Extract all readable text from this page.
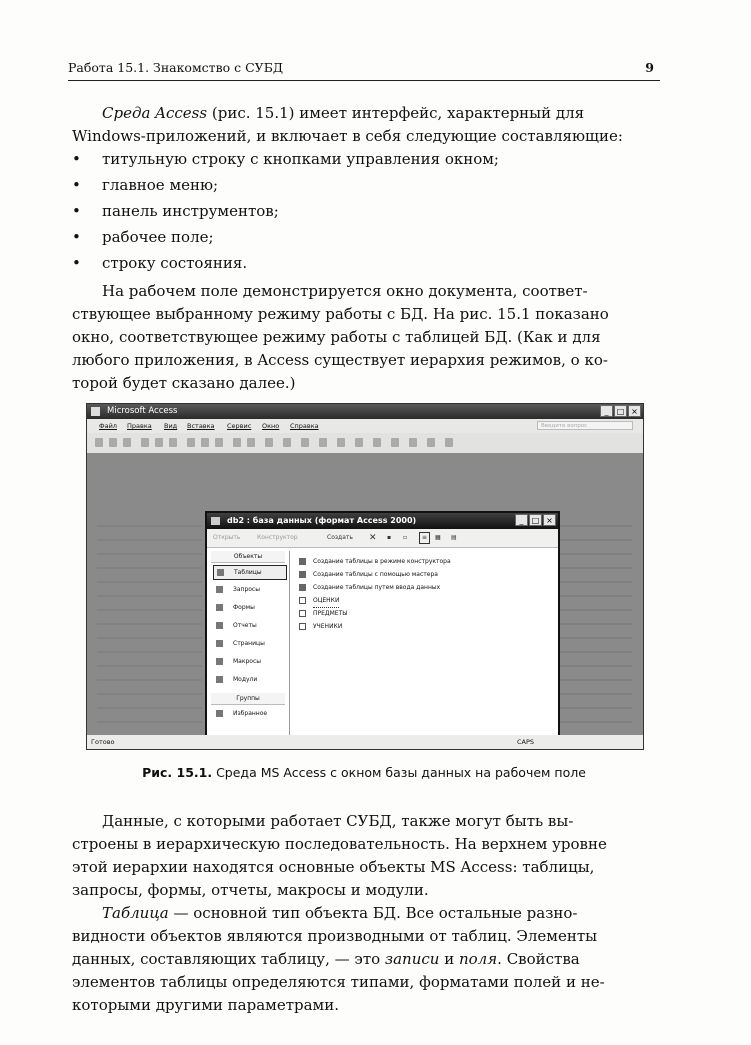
Работа 15.1. Знакомство с СУБД	9
Среда Access (рис. 15.1) имеет интерфейс, характерный для
Windows-приложений, и включает в себя следующие составляющие:
• титульную строку с кнопками управления окном;
• главное меню;
• панель инструментов;
• рабочее поле;
• строку состояния.
На рабочем поле демонстрируется окно документа, соответ-
ствующее выбранному режиму работы с БД. На рис. 15.1 показано
окно, соответствующее режиму работы с таблицей БД. (Как и для
любого приложения, в Access существует иерархия режимов, о ко-
торой будет сказано далее.)
Microsoft Access	_	□ ×
Файл Правка Вид Вставка Сервис Окно Справка	Введите вопрос
db2 : база данных (формат Access 2000)	_	□ ×
Открыть	Конструктор	Создать ✕ ▪ ▫	≡	▦ ▤
Объекты
Таблицы
Запросы
Формы
Отчеты
Страницы
Макросы
Модули
Группы
Избранное
Создание таблицы в режиме конструктора
Создание таблицы с помощью мастера
Создание таблицы путем ввода данных
ОЦЕНКИ
ПРЕДМЕТЫ
УЧЕНИКИ
Готово	CAPS
Рис. 15.1. Среда MS Access с окном базы данных на рабочем поле
Данные, с которыми работает СУБД, также могут быть вы-
строены в иерархическую последовательность. На верхнем уровне
этой иерархии находятся основные объекты MS Access: таблицы,
запросы, формы, отчеты, макросы и модули.
Таблица — основной тип объекта БД. Все остальные разно-
видности объектов являются производными от таблиц. Элементы
данных, составляющих таблицу, — это записи и поля. Свойства
элементов таблицы определяются типами, форматами полей и не-
которыми другими параметрами.
